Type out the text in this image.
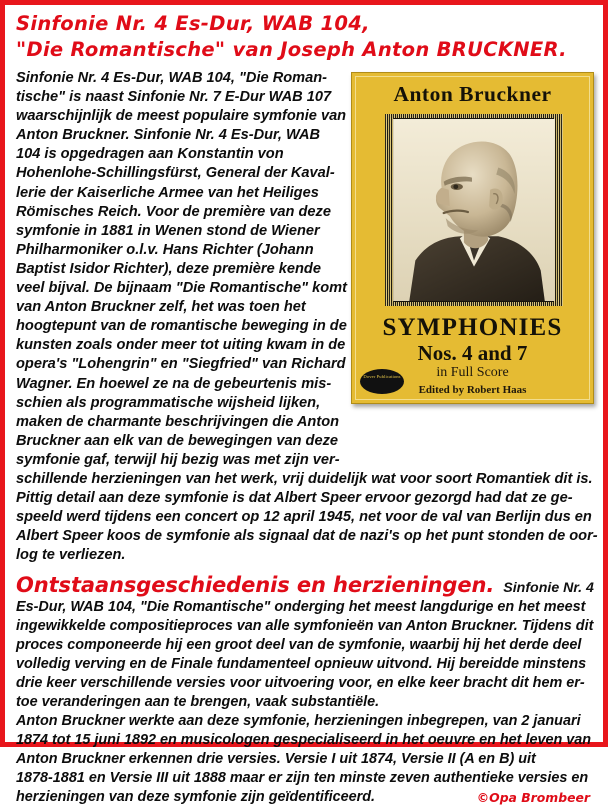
Sinfonie Nr. 4 Es-Dur, WAB 104,
"Die Romantische" van Joseph Anton BRUCKNER.
Anton Bruckner
SYMPHONIES
Nos. 4 and 7
in Full Score
Edited by Robert Haas
Dover Publications
Sinfonie Nr. 4 Es-Dur, WAB 104, "Die Roman-
tische" is naast Sinfonie Nr. 7 E-Dur WAB 107
waarschijnlijk de meest populaire symfonie van
Anton Bruckner. Sinfonie Nr. 4 Es-Dur, WAB
104 is opgedragen aan Konstantin von
Hohenlohe-Schillingsfürst, General der Kaval-
lerie der Kaiserliche Armee van het Heiliges
Römisches Reich. Voor de première van deze
symfonie in 1881 in Wenen stond de Wiener
Philharmoniker o.l.v. Hans Richter (Johann
Baptist Isidor Richter), deze première kende
veel bijval. De bijnaam "Die Romantische" komt
van Anton Bruckner zelf, het was toen het
hoogtepunt van de romantische beweging in de
kunsten zoals onder meer tot uiting kwam in de
opera's "Lohengrin" en "Siegfried" van Richard
Wagner. En hoewel ze na de gebeurtenis mis-
schien als programmatische wijsheid lijken,
maken de charmante beschrijvingen die Anton
Bruckner aan elk van de bewegingen van deze
symfonie gaf, terwijl hij bezig was met zijn ver-
schillende herzieningen van het werk, vrij duidelijk wat voor soort Romantiek dit is.
Pittig detail aan deze symfonie is dat Albert Speer ervoor gezorgd had dat ze ge-
speeld werd tijdens een concert op 12 april 1945, net voor de val van Berlijn dus en
Albert Speer koos de symfonie als signaal dat de nazi's op het punt stonden de oor-
log te verliezen.
Ontstaansgeschiedenis en herzieningen. Sinfonie Nr. 4
Es-Dur, WAB 104, "Die Romantische" onderging het meest langdurige en het meest
ingewikkelde compositieproces van alle symfonieën van Anton Bruckner. Tijdens dit
proces componeerde hij een groot deel van de symfonie, waarbij hij het derde deel
volledig verving en de Finale fundamenteel opnieuw uitvond. Hij bereidde minstens
drie keer verschillende versies voor uitvoering voor, en elke keer bracht dit hem er-
toe veranderingen aan te brengen, vaak substantiële.
Anton Bruckner werkte aan deze symfonie, herzieningen inbegrepen, van 2 januari
1874 tot 15 juni 1892 en musicologen gespecialiseerd in het oeuvre en het leven van
Anton Bruckner erkennen drie versies. Versie I uit 1874, Versie II (A en B) uit
1878-1881 en Versie III uit 1888 maar er zijn ten minste zeven authentieke versies en
©Opa Brombeer
herzieningen van deze symfonie zijn geïdentificeerd.
